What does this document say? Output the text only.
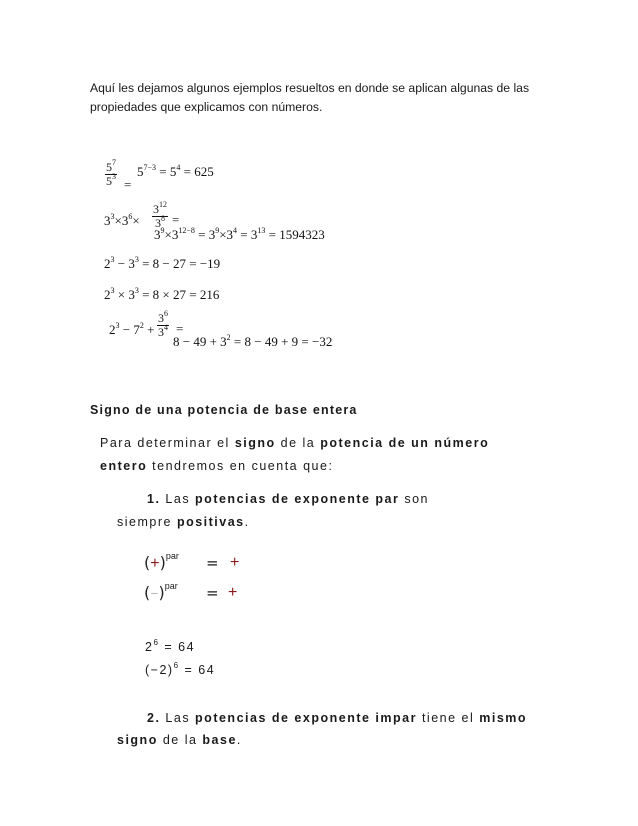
Aquí les dejamos algunos ejemplos resueltos en donde se aplican algunas de las propiedades que explicamos con números.
$\frac{5^7}{5^3}$ =
$5^{7-3} = 5^4 = 625$
$3^3\times 3^6\times \frac{3^{12}}{3^8}$ =
$3^9\times 3^{12-8} = 3^9\times 3^4 = 3^{13} = 1594323$
$2^3 - 3^3 = 8 - 27 = -19$
$2^3 \times 3^3 = 8 \times 27 = 216$
$2^3 - 7^2 + \frac{3^6}{3^4}$ =
$8 - 49 + 3^2 = 8 - 49 + 9 = -32$
Signo de una potencia de base entera
Para determinar el signo de la potencia de un número
entero tendremos en cuenta que:
1. Las potencias de exponente par son
siempre positivas.
$(+)^{par}$ = +
$(-)^{par}$ = +
$2^6 = 64$
$(-2)^6 = 64$
2. Las potencias de exponente impar tiene el mismo
signo de la base.
